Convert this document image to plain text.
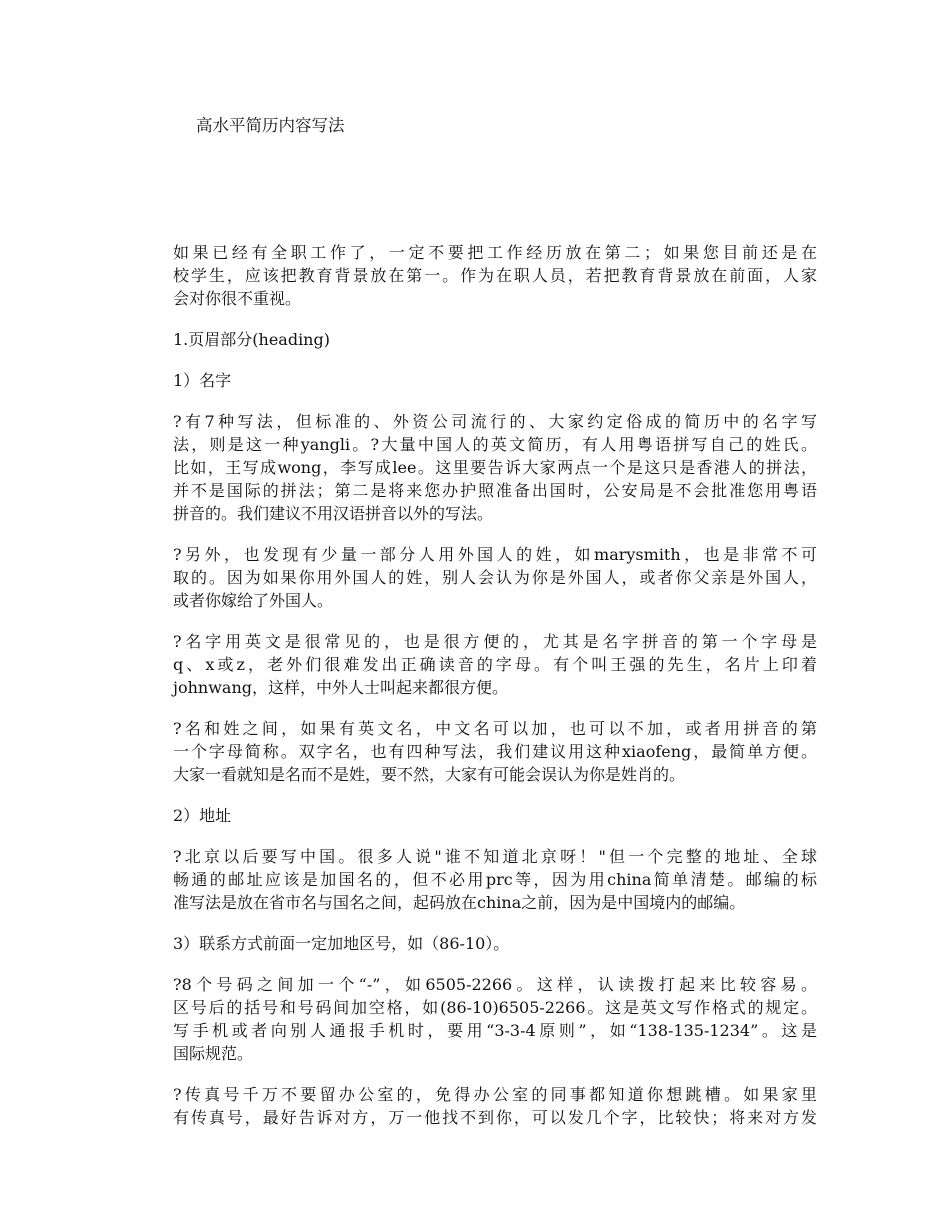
高水平简历内容写法
如果已经有全职工作了，一定不要把工作经历放在第二；如果您目前还是在
校学生，应该把教育背景放在第一。作为在职人员，若把教育背景放在前面，人家
会对你很不重视。
1.页眉部分(heading)
1）名字
?有7种写法，但标准的、外资公司流行的、大家约定俗成的简历中的名字写
法，则是这一种yangli。?大量中国人的英文简历，有人用粤语拼写自己的姓氏。
比如，王写成wong，李写成lee。这里要告诉大家两点一个是这只是香港人的拼法，
并不是国际的拼法；第二是将来您办护照准备出国时，公安局是不会批准您用粤语
拼音的。我们建议不用汉语拼音以外的写法。
?另外，也发现有少量一部分人用外国人的姓，如marysmith，也是非常不可
取的。因为如果你用外国人的姓，别人会认为你是外国人，或者你父亲是外国人，
或者你嫁给了外国人。
?名字用英文是很常见的，也是很方便的，尤其是名字拼音的第一个字母是
q、x或z，老外们很难发出正确读音的字母。有个叫王强的先生，名片上印着
johnwang，这样，中外人士叫起来都很方便。
?名和姓之间，如果有英文名，中文名可以加，也可以不加，或者用拼音的第
一个字母简称。双字名，也有四种写法，我们建议用这种xiaofeng，最简单方便。
大家一看就知是名而不是姓，要不然，大家有可能会误认为你是姓肖的。
2）地址
?北京以后要写中国。很多人说"谁不知道北京呀！"但一个完整的地址、全球
畅通的邮址应该是加国名的，但不必用prc等，因为用china简单清楚。邮编的标
准写法是放在省市名与国名之间，起码放在china之前，因为是中国境内的邮编。
3）联系方式前面一定加地区号，如（86-10）。
?8个号码之间加一个“-”，如6505-2266。这样，认读拨打起来比较容易。
区号后的括号和号码间加空格，如(86-10)6505-2266。这是英文写作格式的规定。
写手机或者向别人通报手机时，要用“3-3-4原则”，如“138-135-1234”。这是
国际规范。
?传真号千万不要留办公室的，免得办公室的同事都知道你想跳槽。如果家里
有传真号，最好告诉对方，万一他找不到你，可以发几个字，比较快；将来对方发
